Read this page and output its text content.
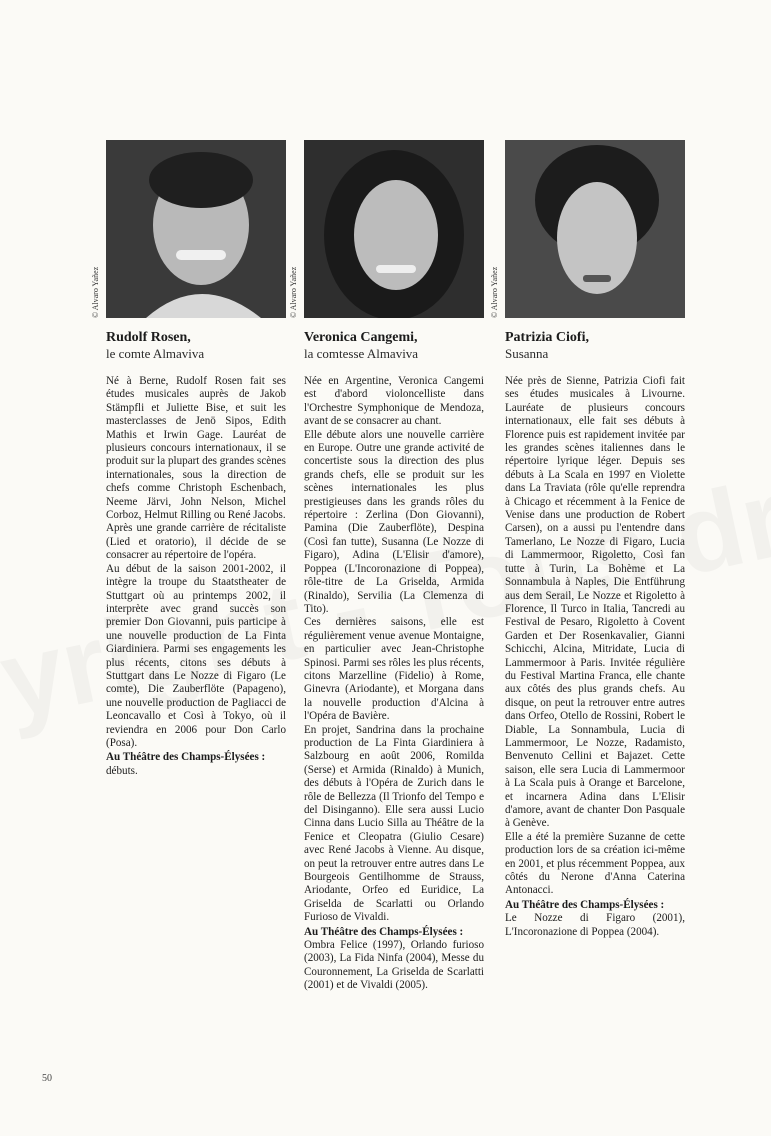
© Alvaro Yañez
Rudolf Rosen,
le comte Almaviva

Né à Berne, Rudolf Rosen fait ses études musicales auprès de Jakob Stämpfli et Juliette Bise, et suit les masterclasses de Jenö Sipos, Edith Mathis et Irwin Gage. Lauréat de plusieurs concours internationaux, il se produit sur la plupart des grandes scènes internationales, sous la direction de chefs comme Christoph Eschenbach, Neeme Järvi, John Nelson, Michel Corboz, Helmut Rilling ou René Jacobs.

Après une grande carrière de récitaliste (Lied et oratorio), il décide de se consacrer au répertoire de l'opéra.

Au début de la saison 2001-2002, il intègre la troupe du Staatstheater de Stuttgart où au printemps 2002, il interprète avec grand succès son premier Don Giovanni, puis participe à une nouvelle production de La Finta Giardiniera. Parmi ses engagements les plus récents, citons ses débuts à Stuttgart dans Le Nozze di Figaro (Le comte), Die Zauberflöte (Papageno), une nouvelle production de Pagliacci de Leoncavallo et Così à Tokyo, où il reviendra en 2006 pour Don Carlo (Posa).

Au Théâtre des Champs-Élysées :
débuts.
© Alvaro Yañez
Veronica Cangemi,
la comtesse Almaviva

Née en Argentine, Veronica Cangemi est d'abord violoncelliste dans l'Orchestre Symphonique de Mendoza, avant de se consacrer au chant.

Elle débute alors une nouvelle carrière en Europe. Outre une grande activité de concertiste sous la direction des plus grands chefs, elle se produit sur les scènes internationales les plus prestigieuses dans les grands rôles du répertoire : Zerlina (Don Giovanni), Pamina (Die Zauberflöte), Despina (Così fan tutte), Susanna (Le Nozze di Figaro), Adina (L'Elisir d'amore), Poppea (L'Incoronazione di Poppea), rôle-titre de La Griselda, Armida (Rinaldo), Servilia (La Clemenza di Tito).

Ces dernières saisons, elle est régulièrement venue avenue Montaigne, en particulier avec Jean-Christophe Spinosi. Parmi ses rôles les plus récents, citons Marzelline (Fidelio) à Rome, Ginevra (Ariodante), et Morgana dans la nouvelle production d'Alcina à l'Opéra de Bavière.

En projet, Sandrina dans la prochaine production de La Finta Giardiniera à Salzbourg en août 2006, Romilda (Serse) et Armida (Rinaldo) à Munich, des débuts à l'Opéra de Zurich dans le rôle de Bellezza (Il Trionfo del Tempo e del Disinganno). Elle sera aussi Lucio Cinna dans Lucio Silla au Théâtre de la Fenice et Cleopatra (Giulio Cesare) avec René Jacobs à Vienne. Au disque, on peut la retrouver entre autres dans Le Bourgeois Gentilhomme de Strauss, Ariodante, Orfeo ed Euridice, La Griselda de Scarlatti ou Orlando Furioso de Vivaldi.

Au Théâtre des Champs-Élysées :
Ombra Felice (1997), Orlando furioso (2003), La Fida Ninfa (2004), Messe du Couronnement, La Griselda de Scarlatti (2001) et de Vivaldi (2005).
© Alvaro Yañez
Patrizia Ciofi,
Susanna

Née près de Sienne, Patrizia Ciofi fait ses études musicales à Livourne. Lauréate de plusieurs concours internationaux, elle fait ses débuts à Florence puis est rapidement invitée par les grandes scènes italiennes dans le répertoire lyrique léger. Depuis ses débuts à La Scala en 1997 en Violette dans La Traviata (rôle qu'elle reprendra à Chicago et récemment à la Fenice de Venise dans une production de Robert Carsen), on a aussi pu l'entendre dans Tamerlano, Le Nozze di Figaro, Lucia di Lammermoor, Rigoletto, Così fan tutte à Turin, La Bohème et La Sonnambula à Naples, Die Entführung aus dem Serail, Le Nozze et Rigoletto à Florence, Il Turco in Italia, Tancredi au Festival de Pesaro, Rigoletto à Covent Garden et Der Rosenkavalier, Gianni Schicchi, Alcina, Mitridate, Lucia di Lammermoor à Paris. Invitée régulière du Festival Martina Franca, elle chante aux côtés des plus grands chefs. Au disque, on peut la retrouver entre autres dans Orfeo, Otello de Rossini, Robert le Diable, La Sonnambula, Lucia di Lammermoor, Le Nozze, Radamisto, Benvenuto Cellini et Bajazet. Cette saison, elle sera Lucia di Lammermoor à La Scala puis à Orange et Barcelone, et incarnera Adina dans L'Elisir d'amore, avant de chanter Don Pasquale à Genève.

Elle a été la première Suzanne de cette production lors de sa création ici-même en 2001, et plus récemment Poppea, aux côtés du Nerone d'Anna Caterina Antonacci.

Au Théâtre des Champs-Élysées :
Le Nozze di Figaro (2001), L'Incoronazione di Poppea (2004).
50
